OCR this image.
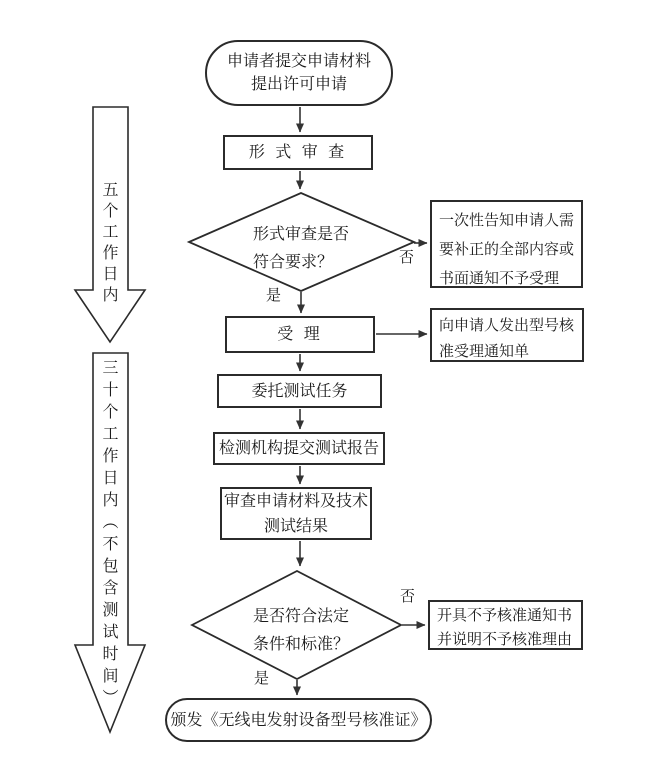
五个工作日内
三十个工作日内（不包含测试时间）
申请者提交申请材料
提出许可申请
形 式 审 查
形式审查是否
符合要求？
一次性告知申请人需
要补正的全部内容或
书面通知不予受理
受 理
向申请人发出型号核
准受理通知单
委托测试任务
检测机构提交测试报告
审查申请材料及技术
测试结果
是否符合法定
条件和标准？
开具不予核准通知书
并说明不予核准理由
颁发《无线电发射设备型号核准证》
是
否
是
否
